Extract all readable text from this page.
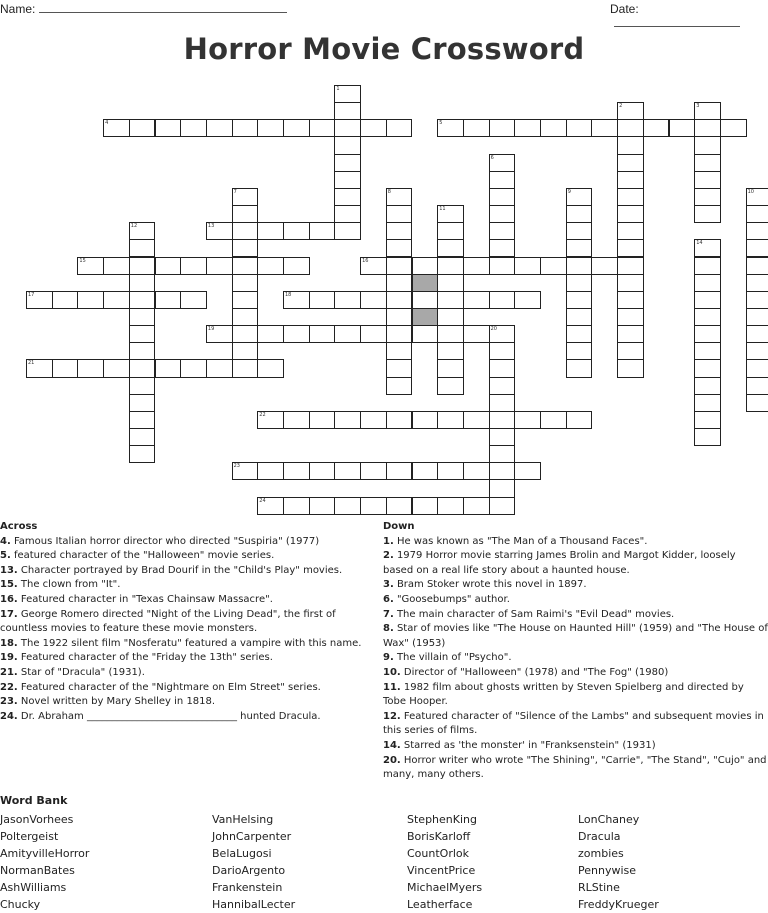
Name:	Date:
Horror Movie Crossword
1
2	3
4	5
6
7	8	9	10
11
12	13
14
15	16
17	18
19	20
21
22
23
24
Across
4. Famous Italian horror director who directed "Suspiria" (1977)
5. featured character of the "Halloween" movie series.
13. Character portrayed by Brad Dourif in the "Child's Play" movies.
15. The clown from "It".
16. Featured character in "Texas Chainsaw Massacre".
17. George Romero directed "Night of the Living Dead", the first of countless movies to feature these movie monsters.
18. The 1922 silent film "Nosferatu" featured a vampire with this name.
19. Featured character of the "Friday the 13th" series.
21. Star of "Dracula" (1931).
22. Featured character of the "Nightmare on Elm Street" series.
23. Novel written by Mary Shelley in 1818.
24. Dr. Abraham ______________________________ hunted Dracula.
Down
1. He was known as "The Man of a Thousand Faces".
2. 1979 Horror movie starring James Brolin and Margot Kidder, loosely based on a real life story about a haunted house.
3. Bram Stoker wrote this novel in 1897.
6. "Goosebumps" author.
7. The main character of Sam Raimi's "Evil Dead" movies.
8. Star of movies like "The House on Haunted Hill" (1959) and "The House of Wax" (1953)
9. The villain of "Psycho".
10. Director of "Halloween" (1978) and "The Fog" (1980)
11. 1982 film about ghosts written by Steven Spielberg and directed by Tobe Hooper.
12. Featured character of "Silence of the Lambs" and subsequent movies in this series of films.
14. Starred as 'the monster' in "Franksenstein" (1931)
20. Horror writer who wrote "The Shining", "Carrie", "The Stand", "Cujo" and many, many others.
Word Bank
JasonVorhees
Poltergeist
AmityvilleHorror
NormanBates
AshWilliams
Chucky
VanHelsing
JohnCarpenter
BelaLugosi
DarioArgento
Frankenstein
HannibalLecter
StephenKing
BorisKarloff
CountOrlok
VincentPrice
MichaelMyers
Leatherface
LonChaney
Dracula
zombies
Pennywise
RLStine
FreddyKrueger
